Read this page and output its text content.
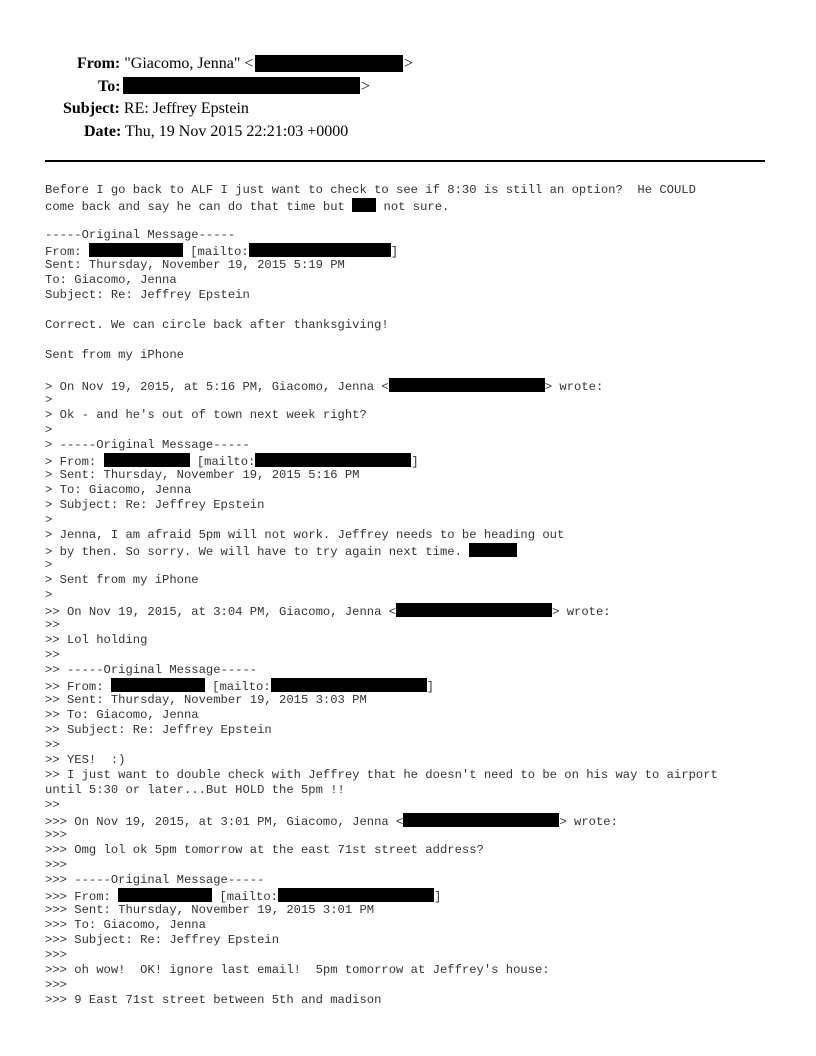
From: "Giacomo, Jenna" <	>
To:	>
Subject: RE: Jeffrey Epstein
Date: Thu, 19 Nov 2015 22:21:03 +0000
Before I go back to ALF I just want to check to see if 8:30 is still an option?  He COULD
come back and say he can do that time but  not sure.
-----Original Message-----
From:	[mailto:	]
Sent: Thursday, November 19, 2015 5:19 PM
To: Giacomo, Jenna
Subject: Re: Jeffrey Epstein
Correct. We can circle back after thanksgiving!
Sent from my iPhone
> On Nov 19, 2015, at 5:16 PM, Giacomo, Jenna <	> wrote:
>
> Ok - and he's out of town next week right?
>
> -----Original Message-----
> From:	[mailto:	]
> Sent: Thursday, November 19, 2015 5:16 PM
> To: Giacomo, Jenna
> Subject: Re: Jeffrey Epstein
>
> Jenna, I am afraid 5pm will not work. Jeffrey needs to be heading out
> by then. So sorry. We will have to try again next time.
>
> Sent from my iPhone
>
>> On Nov 19, 2015, at 3:04 PM, Giacomo, Jenna <	> wrote:
>>
>> Lol holding
>>
>> -----Original Message-----
>> From:	[mailto:	]
>> Sent: Thursday, November 19, 2015 3:03 PM
>> To: Giacomo, Jenna
>> Subject: Re: Jeffrey Epstein
>>
>> YES!  :)
>> I just want to double check with Jeffrey that he doesn't need to be on his way to airport
until 5:30 or later...But HOLD the 5pm !!
>>
>>> On Nov 19, 2015, at 3:01 PM, Giacomo, Jenna <	> wrote:
>>>
>>> Omg lol ok 5pm tomorrow at the east 71st street address?
>>>
>>> -----Original Message-----
>>> From:	[mailto:	]
>>> Sent: Thursday, November 19, 2015 3:01 PM
>>> To: Giacomo, Jenna
>>> Subject: Re: Jeffrey Epstein
>>>
>>> oh wow!  OK! ignore last email!  5pm tomorrow at Jeffrey's house:
>>>
>>> 9 East 71st street between 5th and madison
